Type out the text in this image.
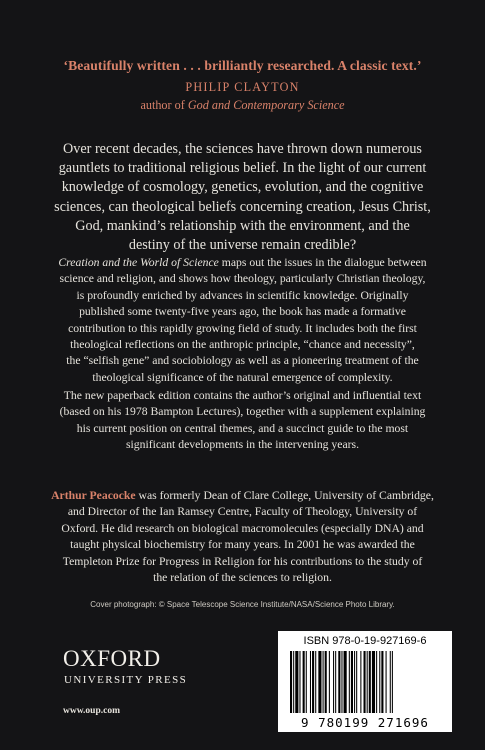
‘Beautifully written . . . brilliantly researched. A classic text.’
PHILIP CLAYTON
author of God and Contemporary Science

Over recent decades, the sciences have thrown down numerous
gauntlets to traditional religious belief. In the light of our current
knowledge of cosmology, genetics, evolution, and the cognitive
sciences, can theological beliefs concerning creation, Jesus Christ,
God, mankind’s relationship with the environment, and the
destiny of the universe remain credible?

Creation and the World of Science maps out the issues in the dialogue between
science and religion, and shows how theology, particularly Christian theology,
is profoundly enriched by advances in scientific knowledge. Originally
published some twenty-five years ago, the book has made a formative
contribution to this rapidly growing field of study. It includes both the first
theological reflections on the anthropic principle, “chance and necessity”,
the “selfish gene” and sociobiology as well as a pioneering treatment of the
theological significance of the natural emergence of complexity.

The new paperback edition contains the author’s original and influential text
(based on his 1978 Bampton Lectures), together with a supplement explaining
his current position on central themes, and a succinct guide to the most
significant developments in the intervening years.

Arthur Peacocke was formerly Dean of Clare College, University of Cambridge,
and Director of the Ian Ramsey Centre, Faculty of Theology, University of
Oxford. He did research on biological macromolecules (especially DNA) and
taught physical biochemistry for many years. In 2001 he was awarded the
Templeton Prize for Progress in Religion for his contributions to the study of
the relation of the sciences to religion.

Cover photograph: © Space Telescope Science Institute/NASA/Science Photo Library.
OXFORD
UNIVERSITY PRESS
www.oup.com
ISBN 978-0-19-927169-6
9 780199 271696
